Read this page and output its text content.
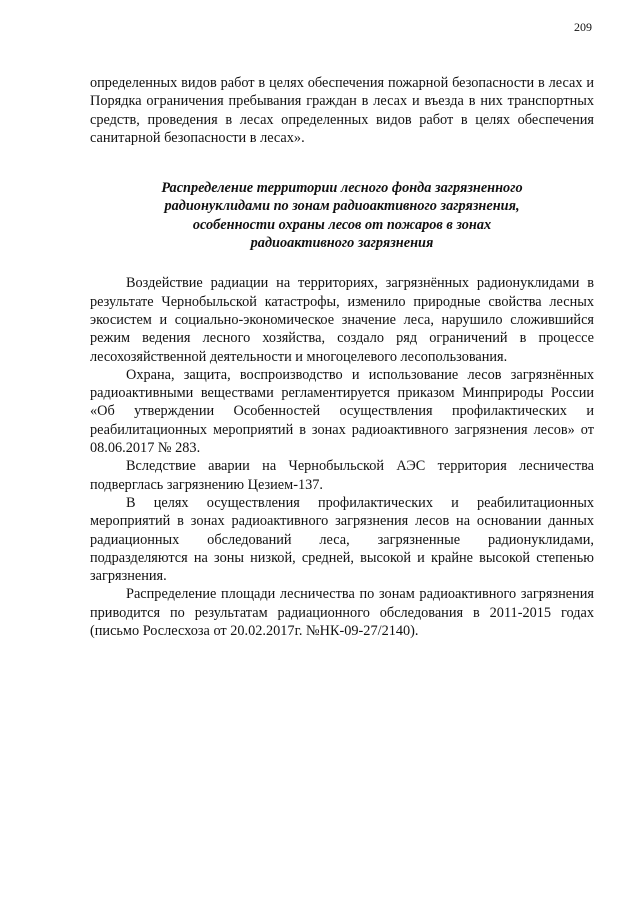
209

определенных видов работ в целях обеспечения пожарной безопасности в лесах и Порядка ограничения пребывания граждан в лесах и въезда в них транспортных средств, проведения в лесах определенных видов работ в целях обеспечения санитарной безопасности в лесах».

Распределение территории лесного фонда загрязненного
радионуклидами по зонам радиоактивного загрязнения,
особенности охраны лесов от пожаров в зонах
радиоактивного загрязнения

Воздействие радиации на территориях, загрязнённых радионуклидами в результате Чернобыльской катастрофы, изменило природные свойства лесных экосистем и социально-экономическое значение леса, нарушило сложившийся режим ведения лесного хозяйства, создало ряд ограничений в процессе лесохозяйственной деятельности и многоцелевого лесопользования.

Охрана, защита, воспроизводство и использование лесов загрязнённых радиоактивными веществами регламентируется приказом Минприроды России «Об утверждении Особенностей осуществления профилактических и реабилитационных мероприятий в зонах радиоактивного загрязнения лесов» от 08.06.2017 № 283.

Вследствие аварии на Чернобыльской АЭС территория лесничества подверглась загрязнению Цезием-137.

В целях осуществления профилактических и реабилитационных мероприятий в зонах радиоактивного загрязнения лесов на основании данных радиационных обследований леса, загрязненные радионуклидами, подразделяются на зоны низкой, средней, высокой и крайне высокой степенью загрязнения.

Распределение площади лесничества по зонам радиоактивного загрязнения приводится по результатам радиационного обследования в 2011-2015 годах (письмо Рослесхоза от 20.02.2017г. №НК-09-27/2140).
